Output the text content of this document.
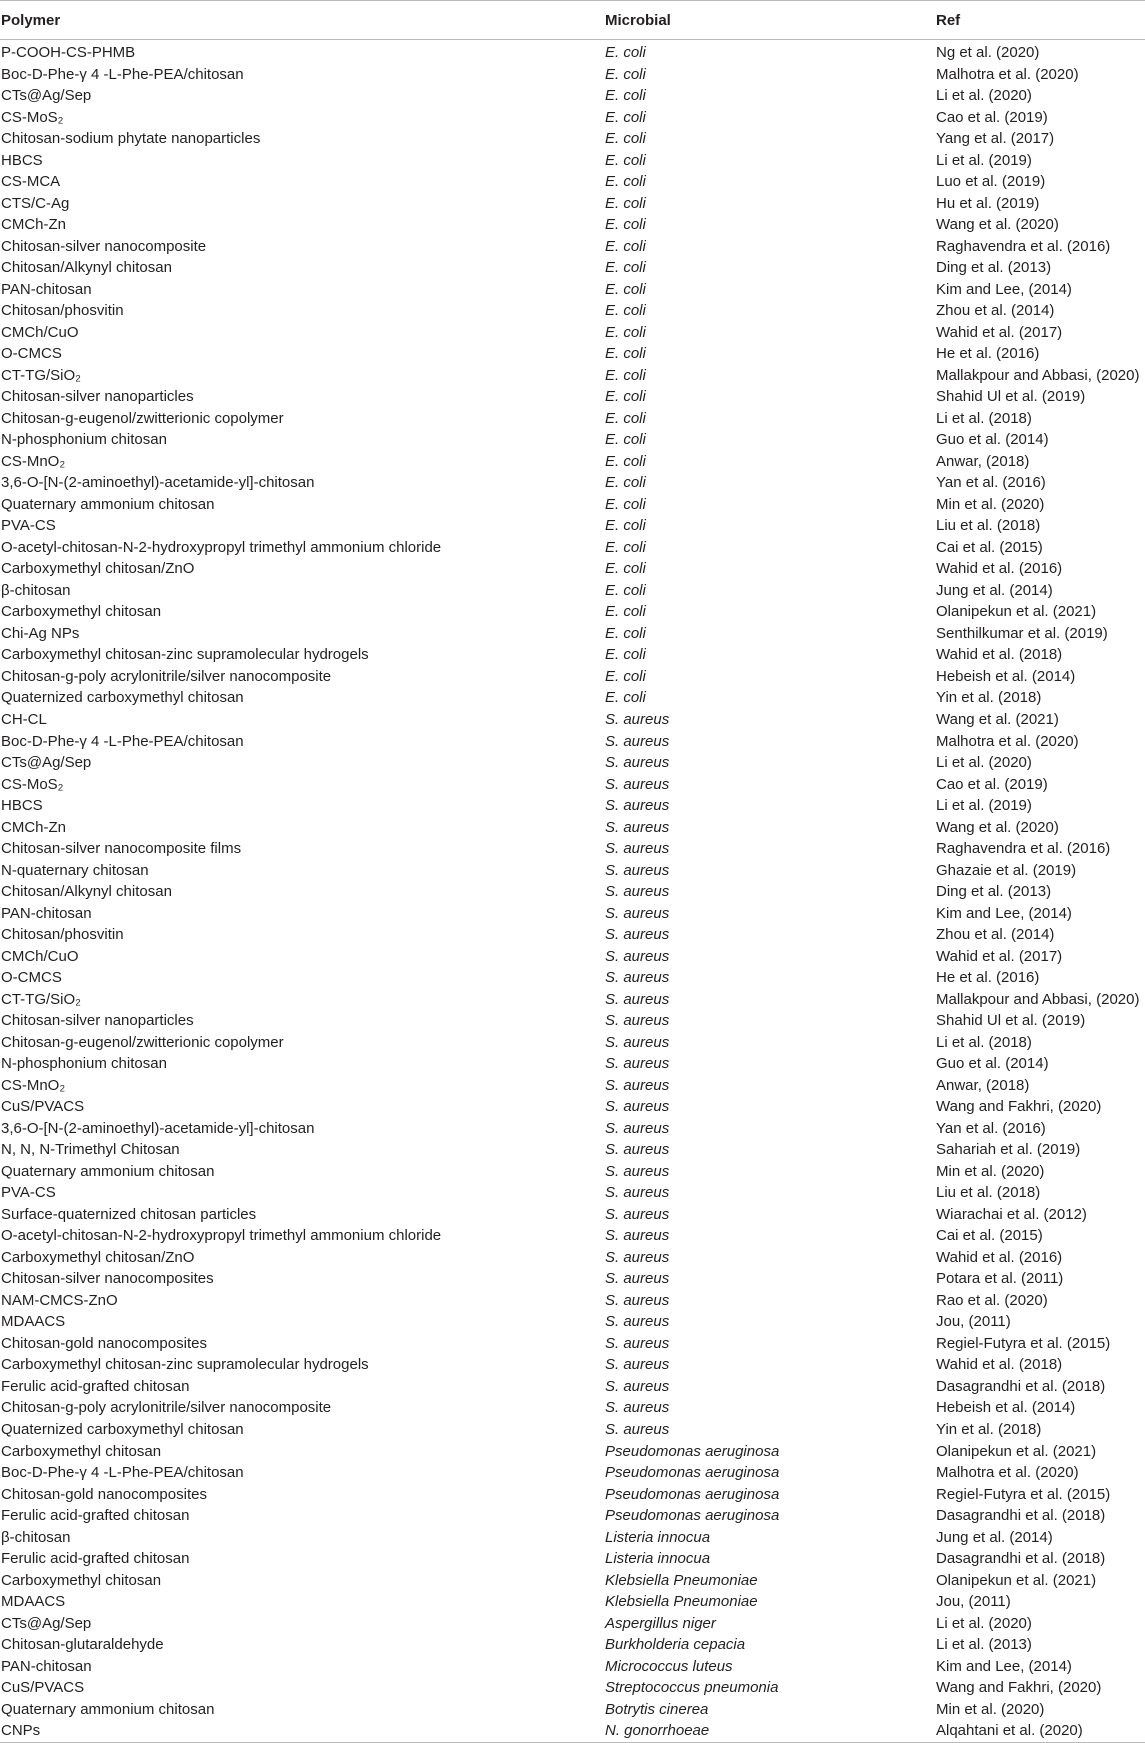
Polymer	Microbial	Ref
P-COOH-CS-PHMB	E. coli	Ng et al. (2020)
Boc-D-Phe-γ 4 -L-Phe-PEA/chitosan	E. coli	Malhotra et al. (2020)
CTs@Ag/Sep	E. coli	Li et al. (2020)
CS-MoS₂	E. coli	Cao et al. (2019)
Chitosan-sodium phytate nanoparticles	E. coli	Yang et al. (2017)
HBCS	E. coli	Li et al. (2019)
CS-MCA	E. coli	Luo et al. (2019)
CTS/C-Ag	E. coli	Hu et al. (2019)
CMCh-Zn	E. coli	Wang et al. (2020)
Chitosan-silver nanocomposite	E. coli	Raghavendra et al. (2016)
Chitosan/Alkynyl chitosan	E. coli	Ding et al. (2013)
PAN-chitosan	E. coli	Kim and Lee, (2014)
Chitosan/phosvitin	E. coli	Zhou et al. (2014)
CMCh/CuO	E. coli	Wahid et al. (2017)
O-CMCS	E. coli	He et al. (2016)
CT-TG/SiO₂	E. coli	Mallakpour and Abbasi, (2020)
Chitosan-silver nanoparticles	E. coli	Shahid Ul et al. (2019)
Chitosan-g-eugenol/zwitterionic copolymer	E. coli	Li et al. (2018)
N-phosphonium chitosan	E. coli	Guo et al. (2014)
CS-MnO₂	E. coli	Anwar, (2018)
3,6-O-[N-(2-aminoethyl)-acetamide-yl]-chitosan	E. coli	Yan et al. (2016)
Quaternary ammonium chitosan	E. coli	Min et al. (2020)
PVA-CS	E. coli	Liu et al. (2018)
O-acetyl-chitosan-N-2-hydroxypropyl trimethyl ammonium chloride	E. coli	Cai et al. (2015)
Carboxymethyl chitosan/ZnO	E. coli	Wahid et al. (2016)
β-chitosan	E. coli	Jung et al. (2014)
Carboxymethyl chitosan	E. coli	Olanipekun et al. (2021)
Chi-Ag NPs	E. coli	Senthilkumar et al. (2019)
Carboxymethyl chitosan-zinc supramolecular hydrogels	E. coli	Wahid et al. (2018)
Chitosan-g-poly acrylonitrile/silver nanocomposite	E. coli	Hebeish et al. (2014)
Quaternized carboxymethyl chitosan	E. coli	Yin et al. (2018)
CH-CL	S. aureus	Wang et al. (2021)
Boc-D-Phe-γ 4 -L-Phe-PEA/chitosan	S. aureus	Malhotra et al. (2020)
CTs@Ag/Sep	S. aureus	Li et al. (2020)
CS-MoS₂	S. aureus	Cao et al. (2019)
HBCS	S. aureus	Li et al. (2019)
CMCh-Zn	S. aureus	Wang et al. (2020)
Chitosan-silver nanocomposite films	S. aureus	Raghavendra et al. (2016)
N-quaternary chitosan	S. aureus	Ghazaie et al. (2019)
Chitosan/Alkynyl chitosan	S. aureus	Ding et al. (2013)
PAN-chitosan	S. aureus	Kim and Lee, (2014)
Chitosan/phosvitin	S. aureus	Zhou et al. (2014)
CMCh/CuO	S. aureus	Wahid et al. (2017)
O-CMCS	S. aureus	He et al. (2016)
CT-TG/SiO₂	S. aureus	Mallakpour and Abbasi, (2020)
Chitosan-silver nanoparticles	S. aureus	Shahid Ul et al. (2019)
Chitosan-g-eugenol/zwitterionic copolymer	S. aureus	Li et al. (2018)
N-phosphonium chitosan	S. aureus	Guo et al. (2014)
CS-MnO₂	S. aureus	Anwar, (2018)
CuS/PVACS	S. aureus	Wang and Fakhri, (2020)
3,6-O-[N-(2-aminoethyl)-acetamide-yl]-chitosan	S. aureus	Yan et al. (2016)
N, N, N-Trimethyl Chitosan	S. aureus	Sahariah et al. (2019)
Quaternary ammonium chitosan	S. aureus	Min et al. (2020)
PVA-CS	S. aureus	Liu et al. (2018)
Surface-quaternized chitosan particles	S. aureus	Wiarachai et al. (2012)
O-acetyl-chitosan-N-2-hydroxypropyl trimethyl ammonium chloride	S. aureus	Cai et al. (2015)
Carboxymethyl chitosan/ZnO	S. aureus	Wahid et al. (2016)
Chitosan-silver nanocomposites	S. aureus	Potara et al. (2011)
NAM-CMCS-ZnO	S. aureus	Rao et al. (2020)
MDAACS	S. aureus	Jou, (2011)
Chitosan-gold nanocomposites	S. aureus	Regiel-Futyra et al. (2015)
Carboxymethyl chitosan-zinc supramolecular hydrogels	S. aureus	Wahid et al. (2018)
Ferulic acid-grafted chitosan	S. aureus	Dasagrandhi et al. (2018)
Chitosan-g-poly acrylonitrile/silver nanocomposite	S. aureus	Hebeish et al. (2014)
Quaternized carboxymethyl chitosan	S. aureus	Yin et al. (2018)
Carboxymethyl chitosan	Pseudomonas aeruginosa	Olanipekun et al. (2021)
Boc-D-Phe-γ 4 -L-Phe-PEA/chitosan	Pseudomonas aeruginosa	Malhotra et al. (2020)
Chitosan-gold nanocomposites	Pseudomonas aeruginosa	Regiel-Futyra et al. (2015)
Ferulic acid-grafted chitosan	Pseudomonas aeruginosa	Dasagrandhi et al. (2018)
β-chitosan	Listeria innocua	Jung et al. (2014)
Ferulic acid-grafted chitosan	Listeria innocua	Dasagrandhi et al. (2018)
Carboxymethyl chitosan	Klebsiella Pneumoniae	Olanipekun et al. (2021)
MDAACS	Klebsiella Pneumoniae	Jou, (2011)
CTs@Ag/Sep	Aspergillus niger	Li et al. (2020)
Chitosan-glutaraldehyde	Burkholderia cepacia	Li et al. (2013)
PAN-chitosan	Micrococcus luteus	Kim and Lee, (2014)
CuS/PVACS	Streptococcus pneumonia	Wang and Fakhri, (2020)
Quaternary ammonium chitosan	Botrytis cinerea	Min et al. (2020)
CNPs	N. gonorrhoeae	Alqahtani et al. (2020)
